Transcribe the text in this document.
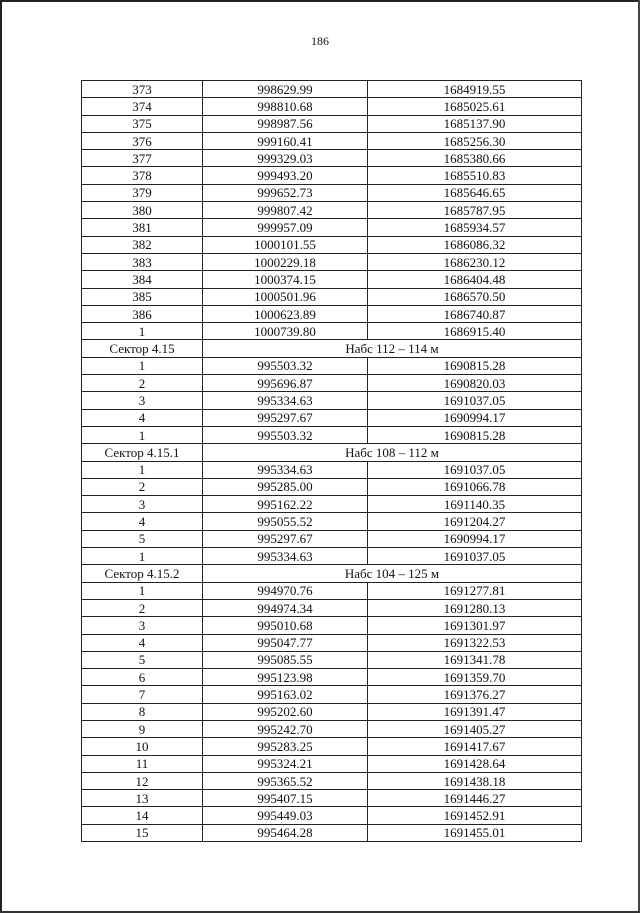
186
373	998629.99	1684919.55
374	998810.68	1685025.61
375	998987.56	1685137.90
376	999160.41	1685256.30
377	999329.03	1685380.66
378	999493.20	1685510.83
379	999652.73	1685646.65
380	999807.42	1685787.95
381	999957.09	1685934.57
382	1000101.55	1686086.32
383	1000229.18	1686230.12
384	1000374.15	1686404.48
385	1000501.96	1686570.50
386	1000623.89	1686740.87
1	1000739.80	1686915.40
Сектор 4.15	Набс 112 – 114 м	
1	995503.32	1690815.28
2	995696.87	1690820.03
3	995334.63	1691037.05
4	995297.67	1690994.17
1	995503.32	1690815.28
Сектор 4.15.1	Набс 108 – 112 м	
1	995334.63	1691037.05
2	995285.00	1691066.78
3	995162.22	1691140.35
4	995055.52	1691204.27
5	995297.67	1690994.17
1	995334.63	1691037.05
Сектор 4.15.2	Набс 104 – 125 м	
1	994970.76	1691277.81
2	994974.34	1691280.13
3	995010.68	1691301.97
4	995047.77	1691322.53
5	995085.55	1691341.78
6	995123.98	1691359.70
7	995163.02	1691376.27
8	995202.60	1691391.47
9	995242.70	1691405.27
10	995283.25	1691417.67
11	995324.21	1691428.64
12	995365.52	1691438.18
13	995407.15	1691446.27
14	995449.03	1691452.91
15	995464.28	1691455.01
